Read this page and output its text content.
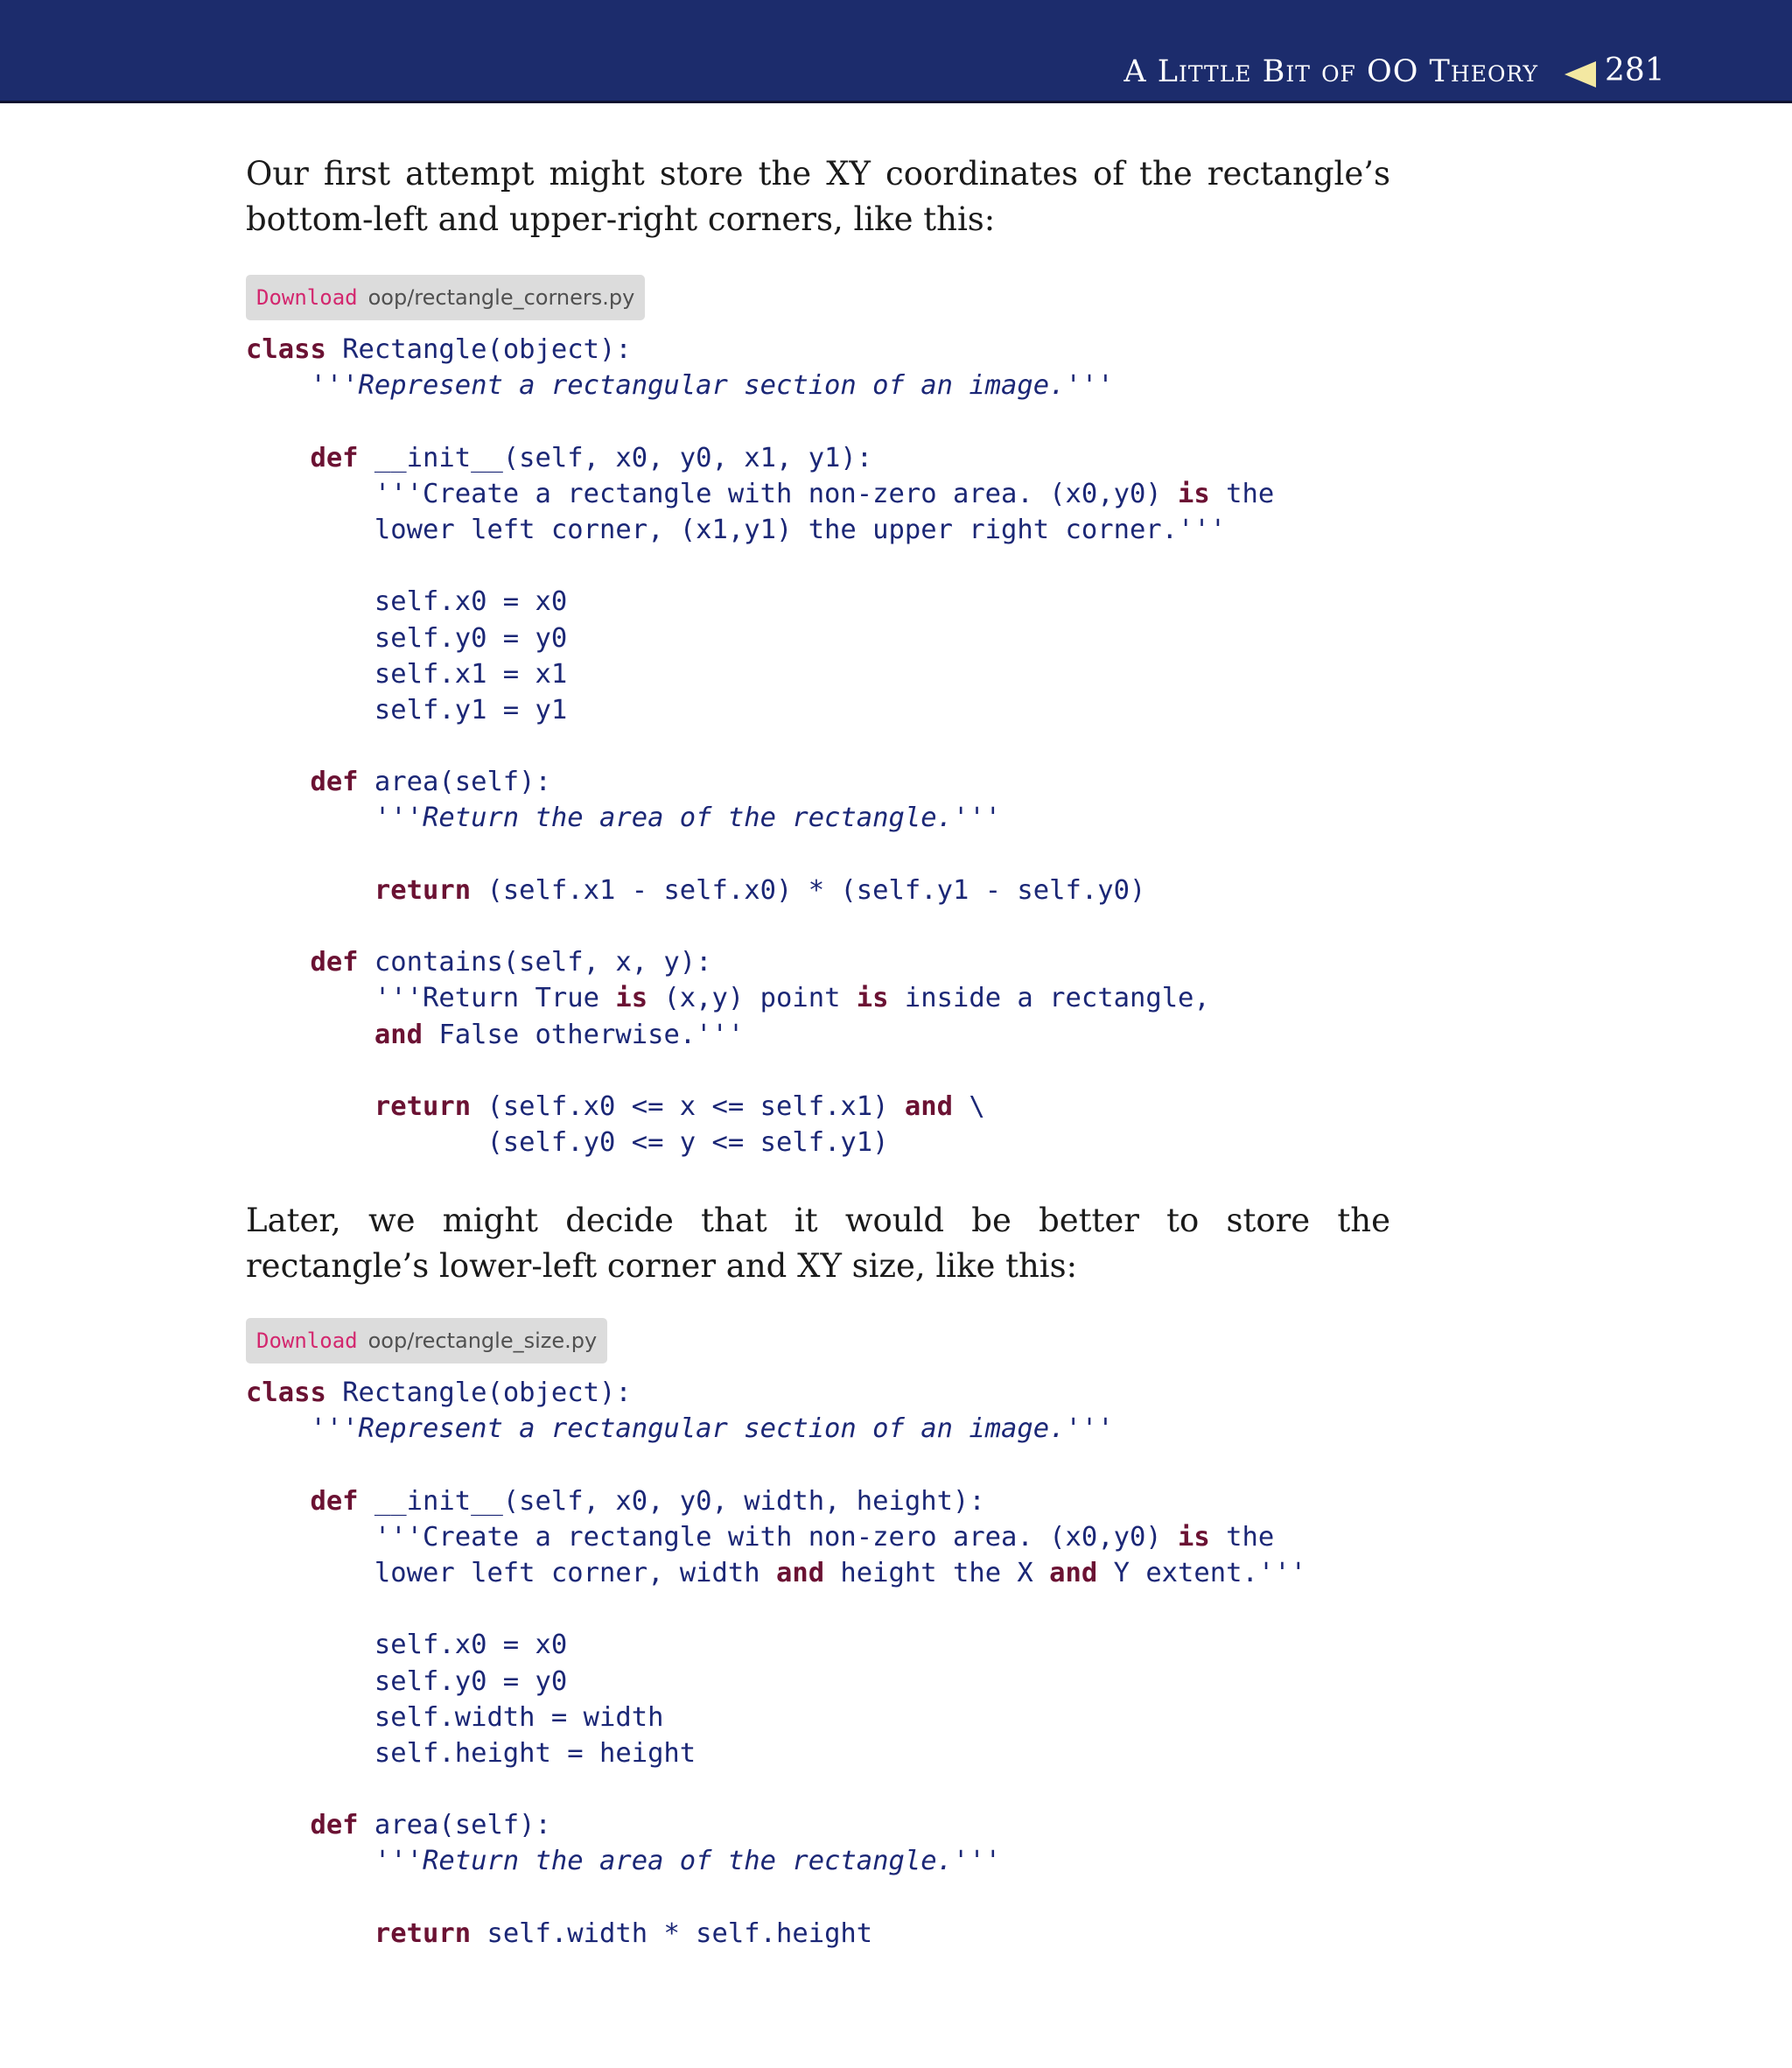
A Little Bit of OO Theory 281

Our first attempt might store the XY coordinates of the rectangle’s bottom-left and upper-right corners, like this:

Download oop/rectangle_corners.py
class Rectangle(object):
'''Represent a rectangular section of an image.'''
def __init__(self, x0, y0, x1, y1):
'''Create a rectangle with non-zero area. (x0,y0) is the
lower left corner, (x1,y1) the upper right corner.'''
self.x0 = x0
self.y0 = y0
self.x1 = x1
self.y1 = y1
def area(self):
'''Return the area of the rectangle.'''
return (self.x1 - self.x0) * (self.y1 - self.y0)
def contains(self, x, y):
'''Return True is (x,y) point is inside a rectangle,
and False otherwise.'''
return (self.x0 <= x <= self.x1) and \
(self.y0 <= y <= self.y1)

Later, we might decide that it would be better to store the rectangle’s lower-left corner and XY size, like this:

Download oop/rectangle_size.py
class Rectangle(object):
'''Represent a rectangular section of an image.'''
def __init__(self, x0, y0, width, height):
'''Create a rectangle with non-zero area. (x0,y0) is the
lower left corner, width and height the X and Y extent.'''
self.x0 = x0
self.y0 = y0
self.width = width
self.height = height
def area(self):
'''Return the area of the rectangle.'''
return self.width * self.height
